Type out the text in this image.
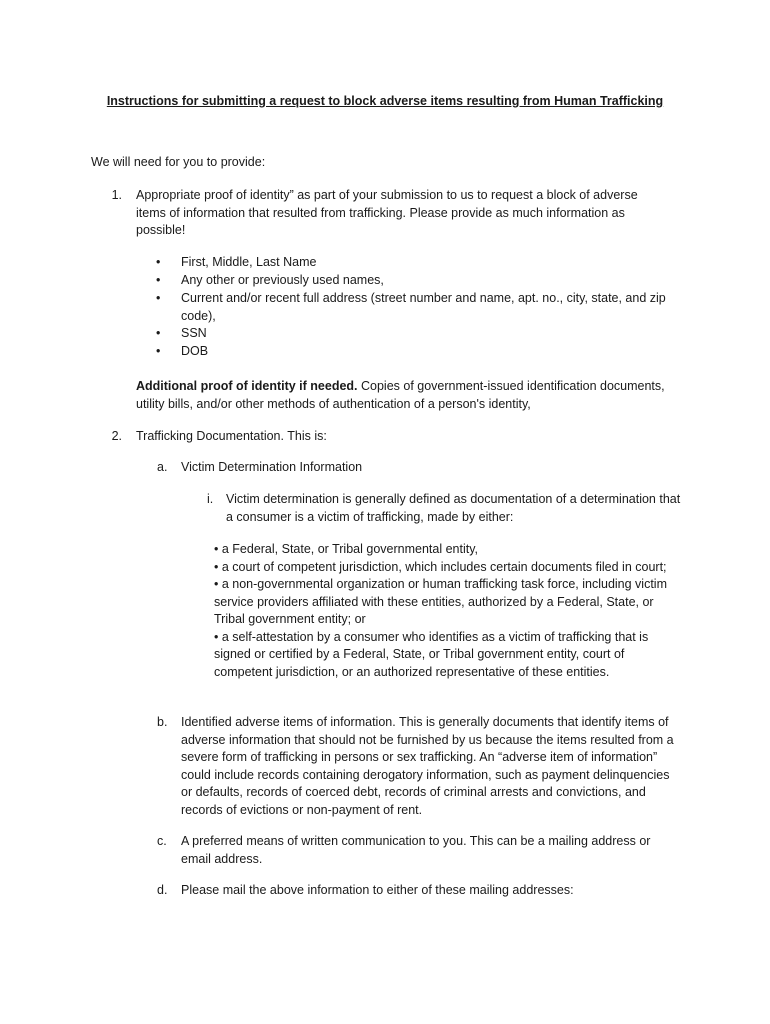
Instructions for submitting a request to block adverse items resulting from Human Trafficking
We will need for you to provide:
1. Appropriate proof of identity” as part of your submission to us to request a block of adverse items of information that resulted from trafficking. Please provide as much information as possible!
•	First, Middle, Last Name
•	Any other or previously used names,
•	Current and/or recent full address (street number and name, apt. no., city, state, and zip code),
•	SSN
•	DOB
Additional proof of identity if needed. Copies of government-issued identification documents, utility bills, and/or other methods of authentication of a person's identity,
2. Trafficking Documentation. This is:
a. Victim Determination Information
i. Victim determination is generally defined as documentation of a determination that a consumer is a victim of trafficking, made by either:
• a Federal, State, or Tribal governmental entity,
• a court of competent jurisdiction, which includes certain documents filed in court;
• a non-governmental organization or human trafficking task force, including victim service providers affiliated with these entities, authorized by a Federal, State, or Tribal government entity; or
• a self-attestation by a consumer who identifies as a victim of trafficking that is signed or certified by a Federal, State, or Tribal government entity, court of competent jurisdiction, or an authorized representative of these entities.
b. Identified adverse items of information. This is generally documents that identify items of adverse information that should not be furnished by us because the items resulted from a severe form of trafficking in persons or sex trafficking. An “adverse item of information” could include records containing derogatory information, such as payment delinquencies or defaults, records of coerced debt, records of criminal arrests and convictions, and records of evictions or non-payment of rent.
c. A preferred means of written communication to you. This can be a mailing address or email address.
d. Please mail the above information to either of these mailing addresses:
